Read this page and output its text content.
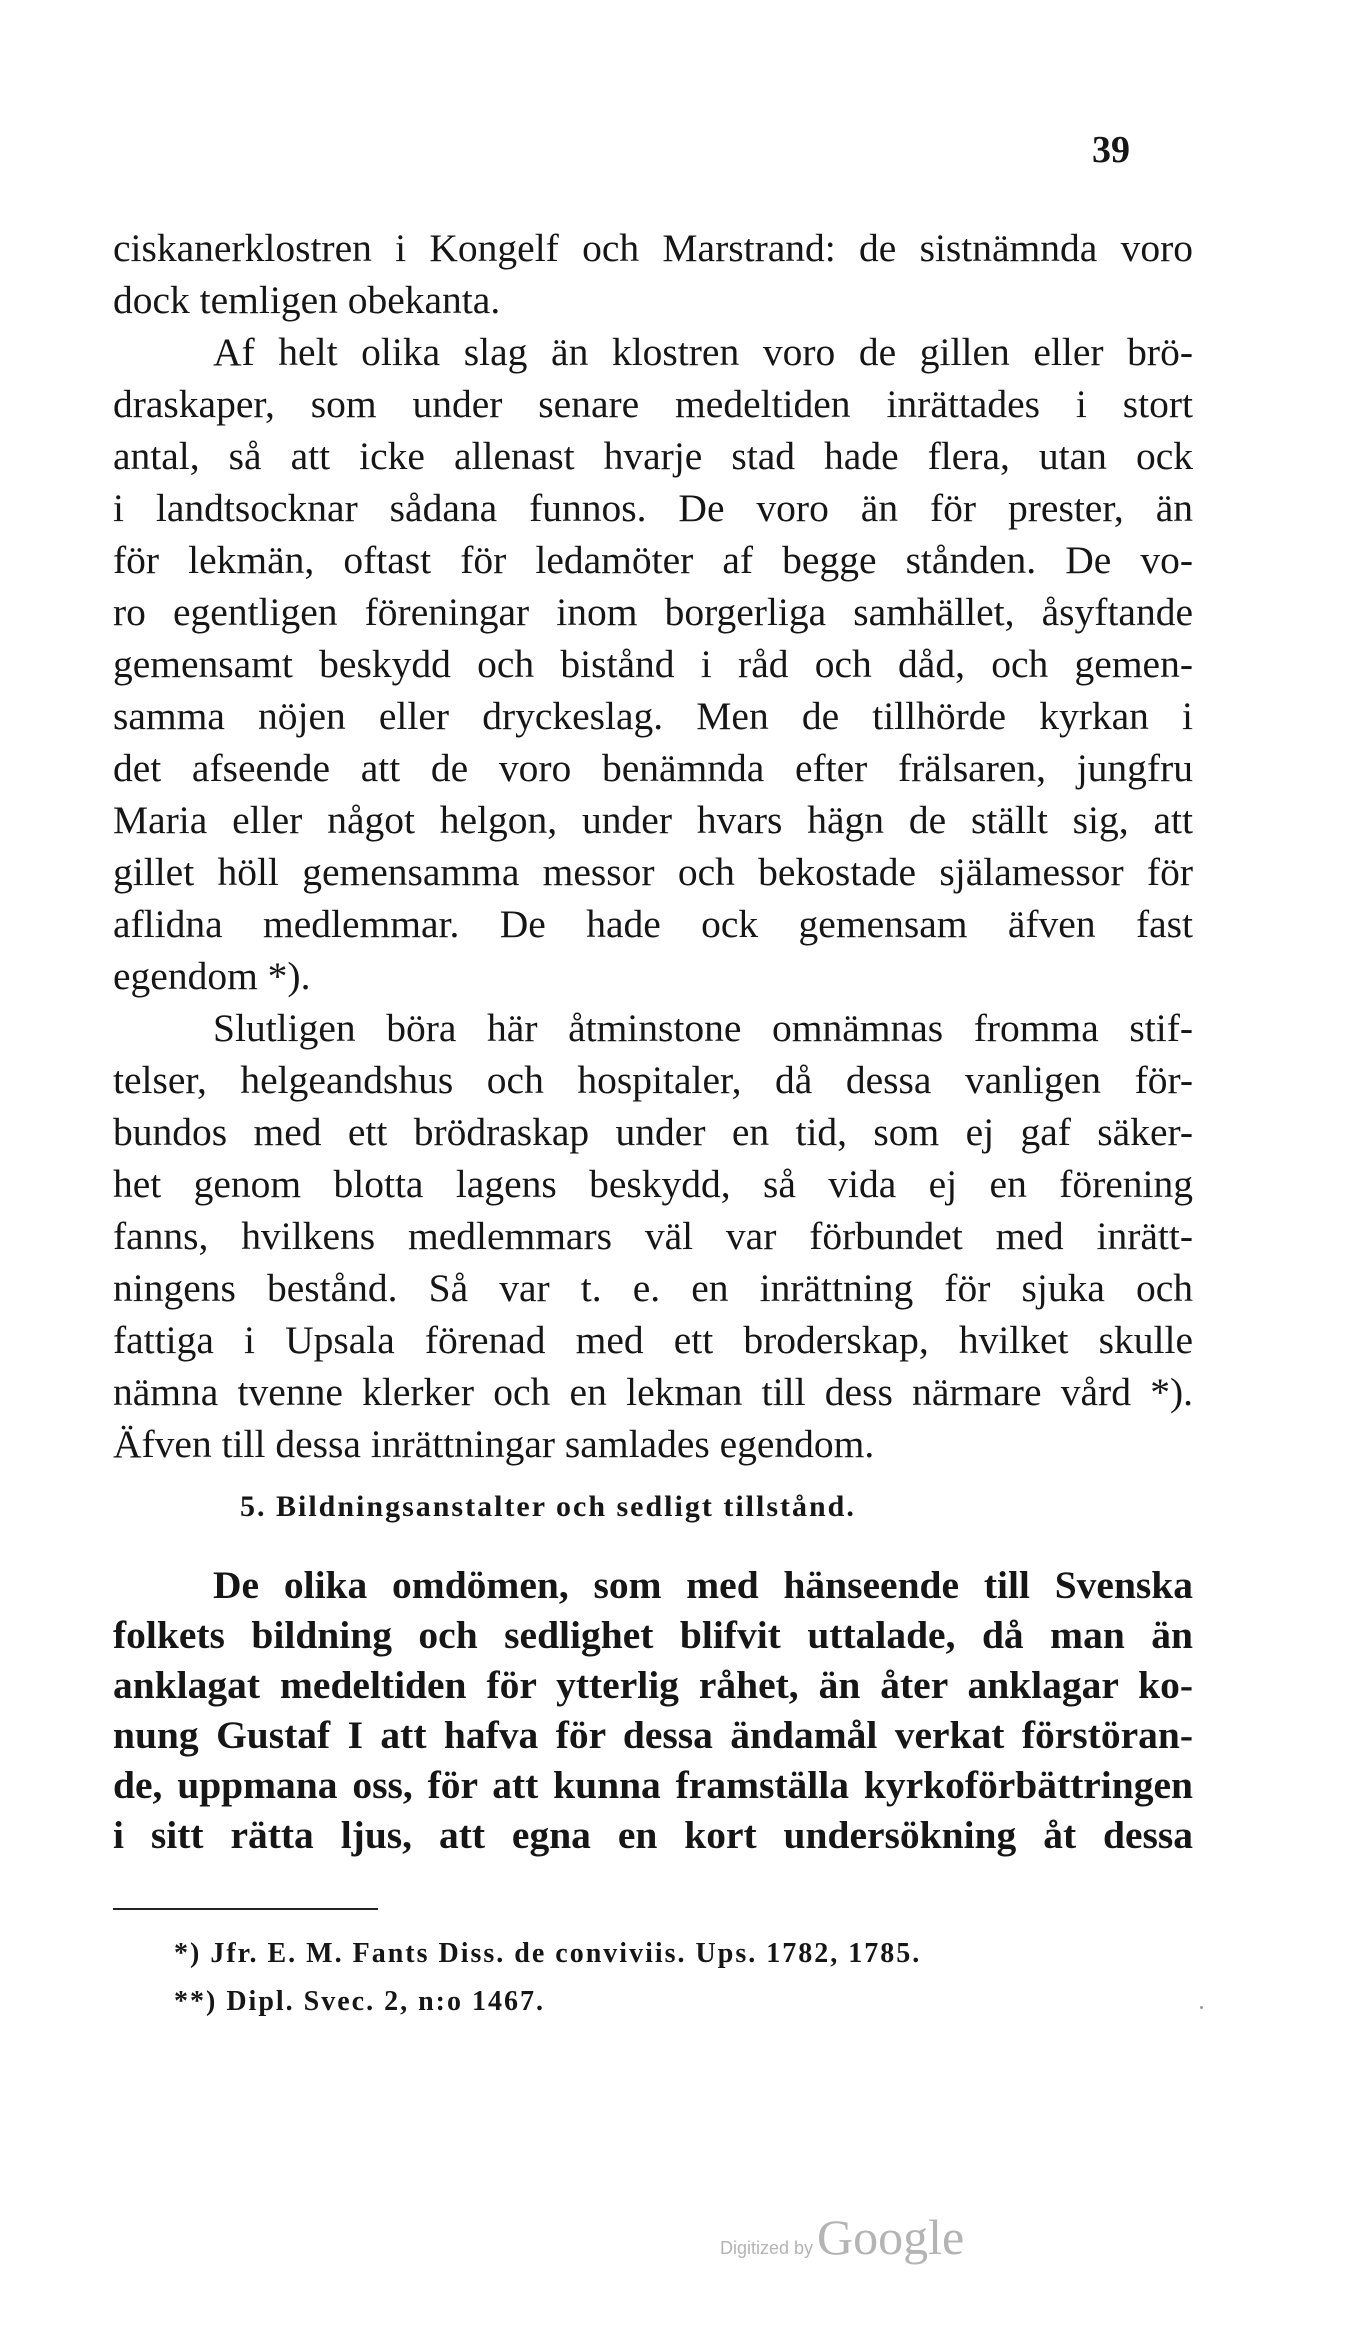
39
ciskanerklostren i Kongelf och Marstrand: de sistnämnda voro
dock temligen obekanta.
Af helt olika slag än klostren voro de gillen eller brö-
draskaper, som under senare medeltiden inrättades i stort
antal, så att icke allenast hvarje stad hade flera, utan ock
i landtsocknar sådana funnos. De voro än för prester, än
för lekmän, oftast för ledamöter af begge stånden. De vo-
ro egentligen föreningar inom borgerliga samhället, åsyftande
gemensamt beskydd och bistånd i råd och dåd, och gemen-
samma nöjen eller dryckeslag. Men de tillhörde kyrkan i
det afseende att de voro benämnda efter frälsaren, jungfru
Maria eller något helgon, under hvars hägn de ställt sig, att
gillet höll gemensamma messor och bekostade själamessor för
aflidna medlemmar. De hade ock gemensam äfven fast
egendom *).
Slutligen böra här åtminstone omnämnas fromma stif-
telser, helgeandshus och hospitaler, då dessa vanligen för-
bundos med ett brödraskap under en tid, som ej gaf säker-
het genom blotta lagens beskydd, så vida ej en förening
fanns, hvilkens medlemmars väl var förbundet med inrätt-
ningens bestånd. Så var t. e. en inrättning för sjuka och
fattiga i Upsala förenad med ett broderskap, hvilket skulle
nämna tvenne klerker och en lekman till dess närmare vård *).
Äfven till dessa inrättningar samlades egendom.
5. Bildningsanstalter och sedligt tillstånd.
De olika omdömen, som med hänseende till Svenska
folkets bildning och sedlighet blifvit uttalade, då man än
anklagat medeltiden för ytterlig råhet, än åter anklagar ko-
nung Gustaf I att hafva för dessa ändamål verkat förstöran-
de, uppmana oss, för att kunna framställa kyrkoförbättringen
i sitt rätta ljus, att egna en kort undersökning åt dessa
*) Jfr. E. M. Fants Diss. de conviviis. Ups. 1782, 1785.
**) Dipl. Svec. 2, n:o 1467.
Digitized by Google
